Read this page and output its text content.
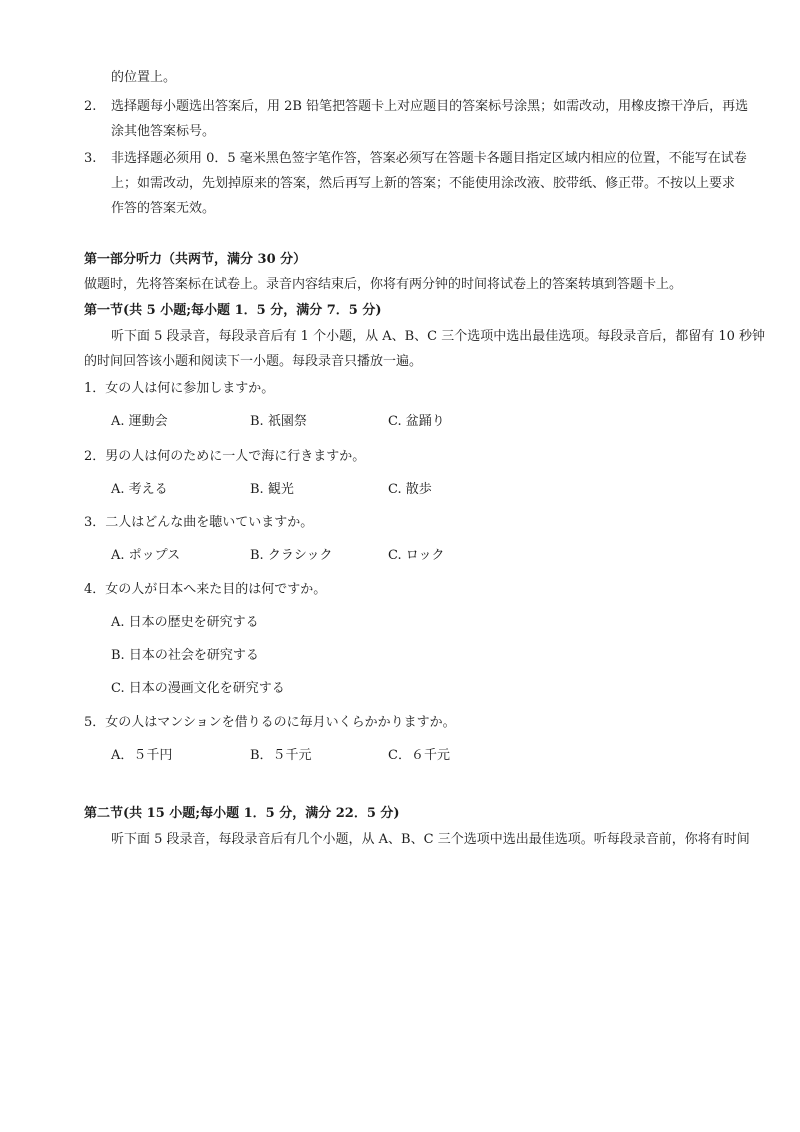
的位置上。
2. 选择题每小题选出答案后，用 2B 铅笔把答题卡上对应题目的答案标号涂黑；如需改动，用橡皮擦干净后，再选
涂其他答案标号。
3. 非选择题必须用 0．5 毫米黑色签字笔作答，答案必须写在答题卡各题目指定区域内相应的位置，不能写在试卷
上；如需改动，先划掉原来的答案，然后再写上新的答案；不能使用涂改液、胶带纸、修正带。不按以上要求
作答的答案无效。
第一部分听力（共两节，满分 30 分）
做题时，先将答案标在试卷上。录音内容结束后，你将有两分钟的时间将试卷上的答案转填到答题卡上。
第一节(共 5 小题;每小题 1．5 分，满分 7．5 分)
听下面 5 段录音，每段录音后有 1 个小题，从 A、B、C 三个选项中选出最佳选项。每段录音后，都留有 10 秒钟
的时间回答该小题和阅读下一小题。每段录音只播放一遍。
1．女の人は何に参加しますか。
A. 運動会	B. 祇園祭	C. 盆踊り
2．男の人は何のために一人で海に行きますか。
A. 考える	B. 観光	C. 散歩
3．二人はどんな曲を聴いていますか。
A. ポップス	B. クラシック	C. ロック
4．女の人が日本へ来た目的は何ですか。
A. 日本の歴史を研究する
B. 日本の社会を研究する
C. 日本の漫画文化を研究する
5．女の人はマンションを借りるのに毎月いくらかかりますか。
A．５千円	B．５千元	C．６千元
第二节(共 15 小题;每小题 1．5 分，满分 22．5 分)
听下面 5 段录音，每段录音后有几个小题，从 A、B、C 三个选项中选出最佳选项。听每段录音前，你将有时间
